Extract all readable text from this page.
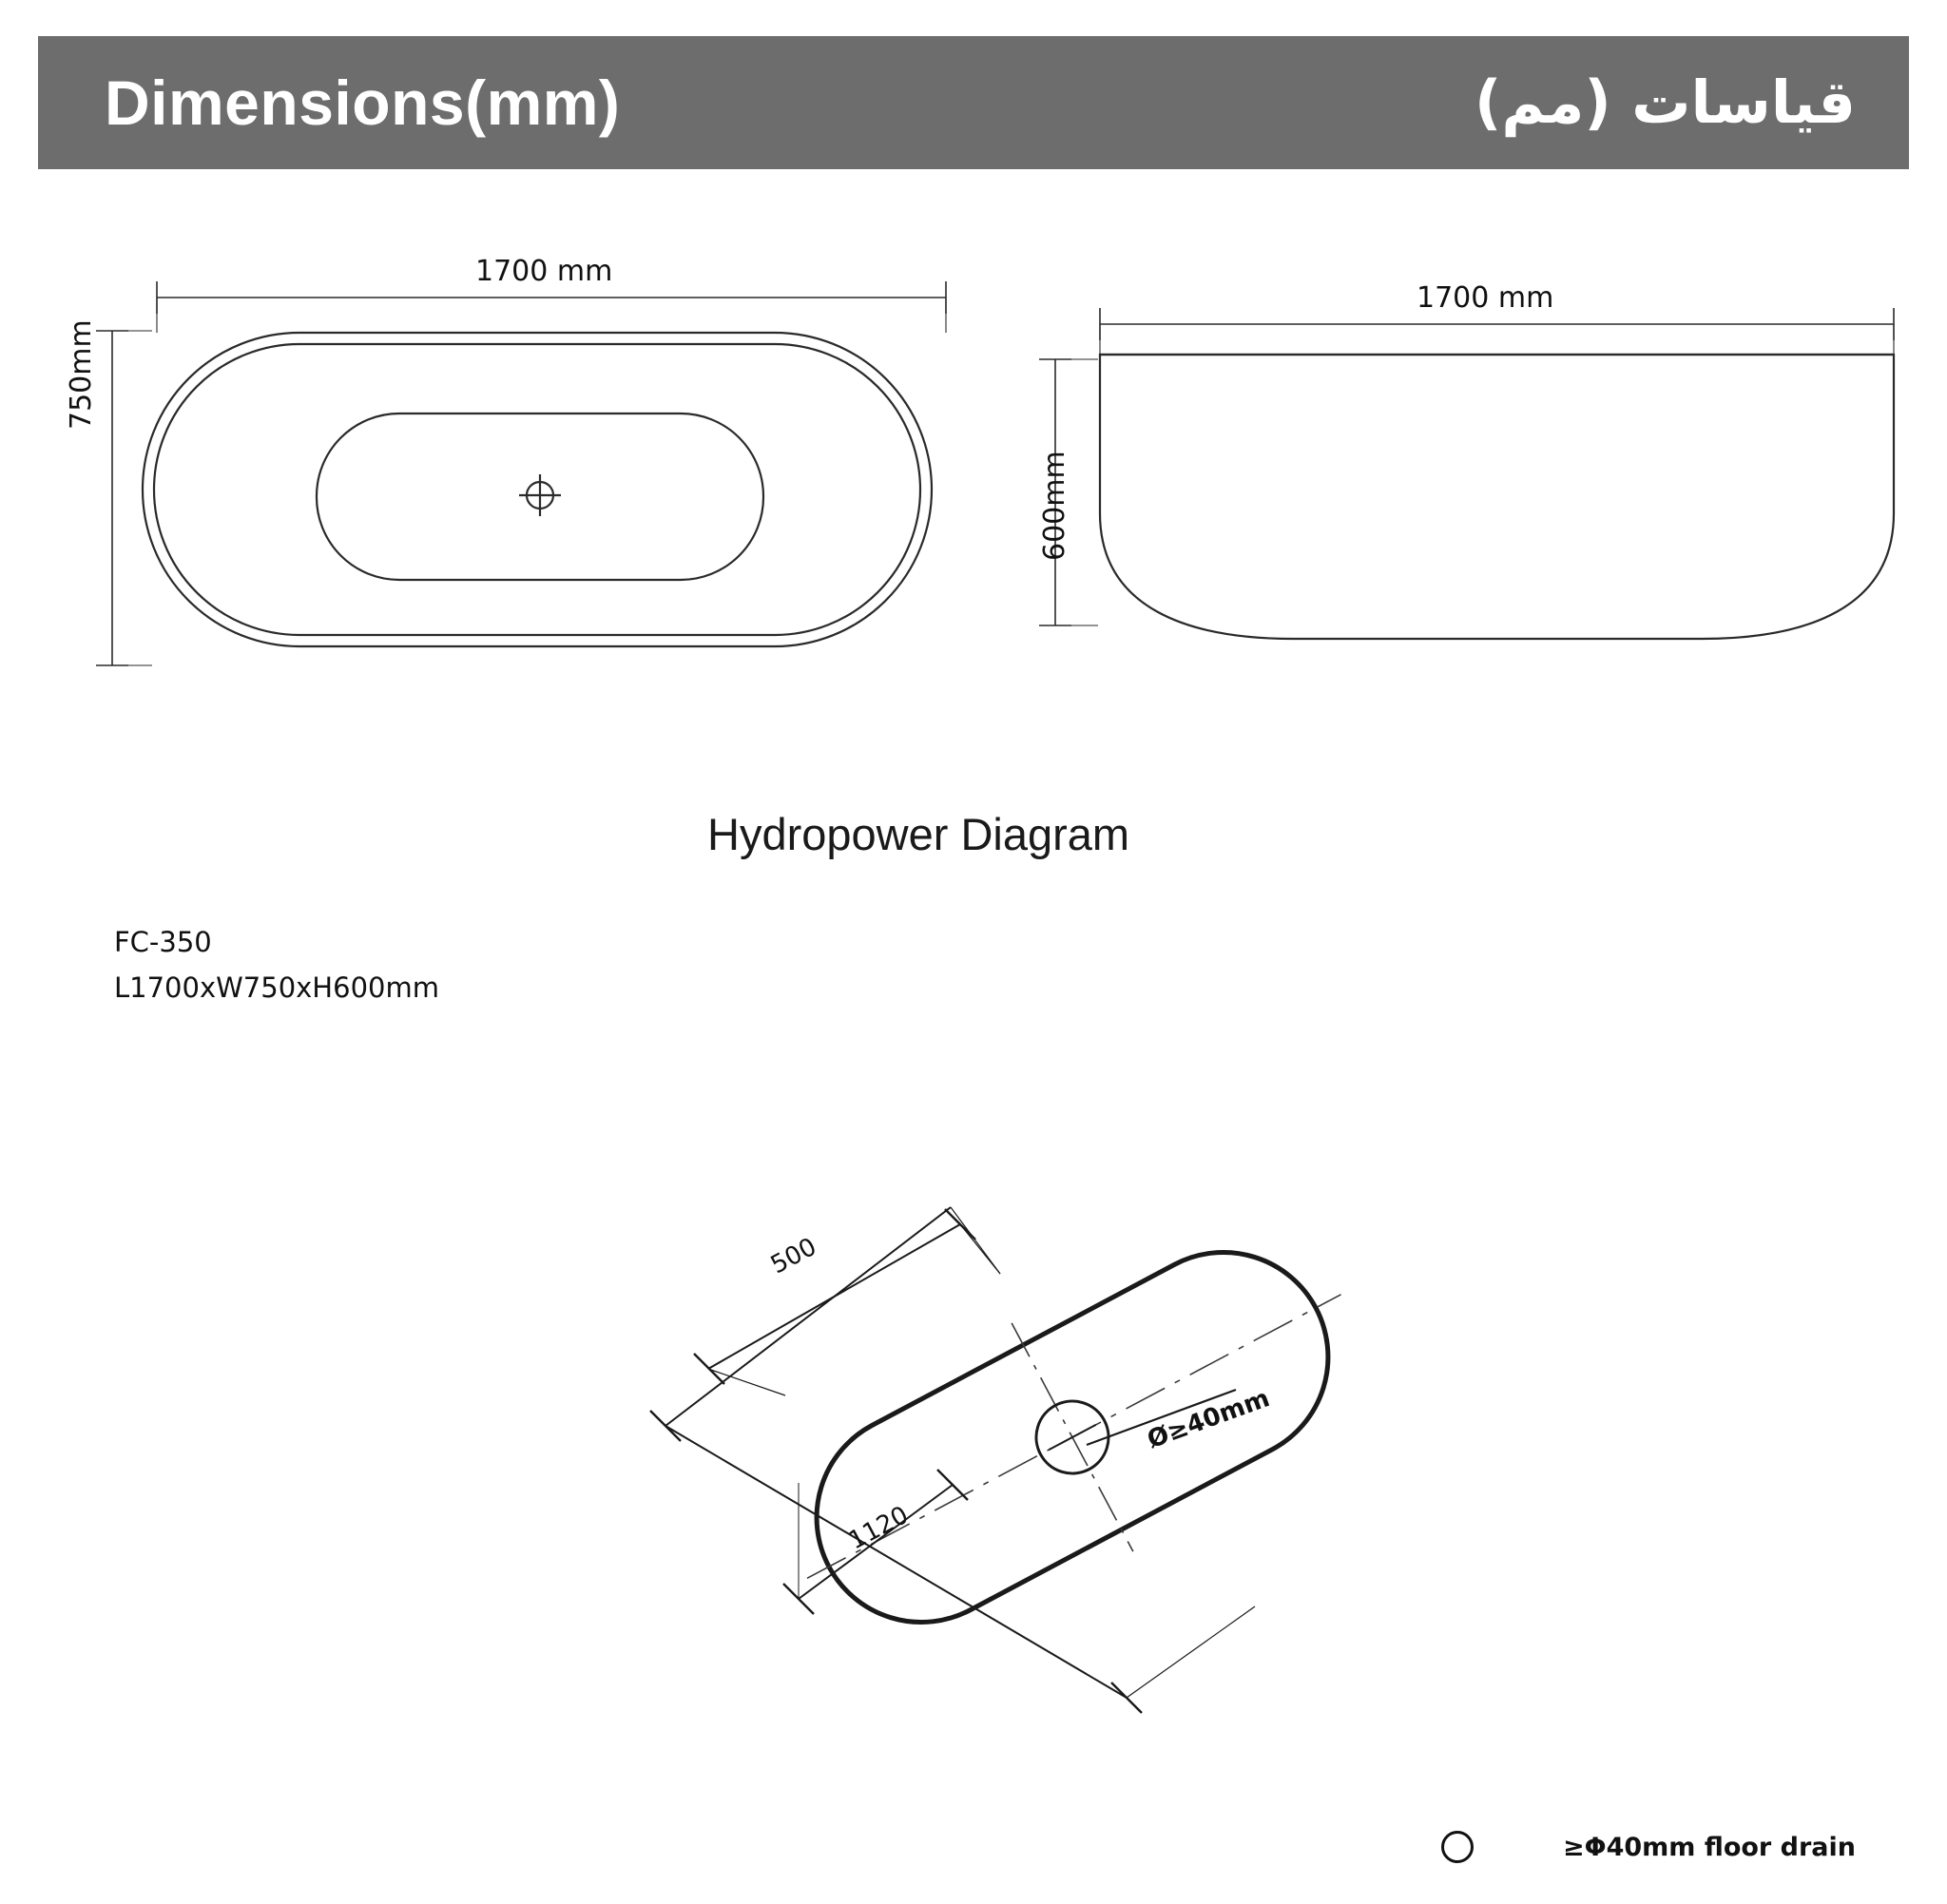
Dimensions(mm)	قياسات (مم)
1700 mm
750mm
1700 mm
600mm
Hydropower Diagram
FC-350
L1700xW750xH600mm
500
1120
Ø≥40mm
≥Φ40mm floor drain
